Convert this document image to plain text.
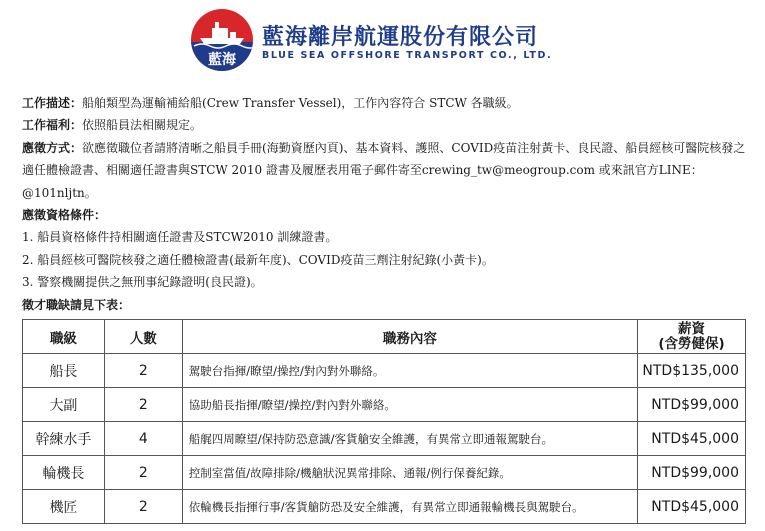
藍海
藍海離岸航運股份有限公司
BLUE SEA OFFSHORE TRANSPORT CO., LTD.

工作描述：船舶類型為運輸補給船(Crew Transfer Vessel)，工作內容符合 STCW 各職級。

工作福利：依照船員法相關規定。

應徵方式：欲應徵職位者請將清晰之船員手冊(海勤資歷內頁)、基本資料、護照、COVID疫苗注射黃卡、良民證、船員經核可醫院核發之適任體檢證書、相關適任證書與STCW 2010 證書及履歷表用電子郵件寄至crewing_tw@meogroup.com 或來訊官方LINE：@101nljtn。

應徵資格條件：

1. 船員資格條件持相關適任證書及STCW2010 訓練證書。

2. 船員經核可醫院核發之適任體檢證書(最新年度)、COVID疫苗三劑注射紀錄(小黃卡)。

3. 警察機關提供之無刑事紀錄證明(良民證)。

徵才職缺請見下表：

職級	人數	職務內容	薪資
(含勞健保)

船長	2	駕駛台指揮/瞭望/操控/對內對外聯絡。	NTD$135,000
大副	2	協助船長指揮/瞭望/操控/對內對外聯絡。	NTD$99,000
幹練水手	4	船艉四周瞭望/保持防恐意識/客貨艙安全維護，有異常立即通報駕駛台。	NTD$45,000
輪機長	2	控制室當值/故障排除/機艙狀況異常排除、通報/例行保養紀錄。	NTD$99,000
機匠	2	依輪機長指揮行事/客貨艙防恐及安全維護，有異常立即通報輪機長與駕駛台。	NTD$45,000
